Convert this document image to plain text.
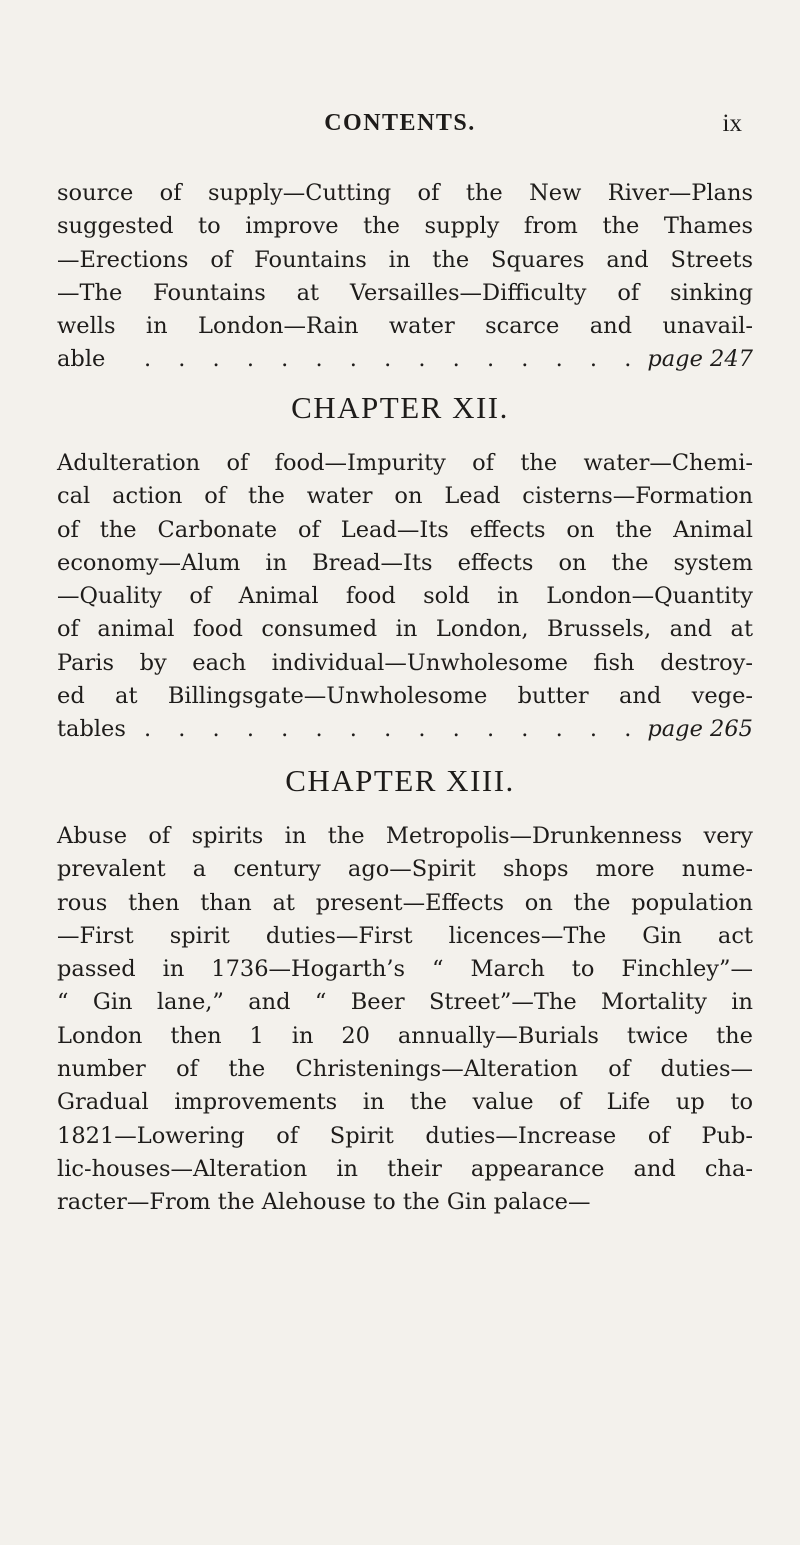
CONTENTS.	ix
source of supply—Cutting of the New River—Plans
suggested to improve the supply from the Thames
—Erections of Fountains in the Squares and Streets
—The Fountains at Versailles—Difficulty of sinking
wells in London—Rain water scarce and unavail-
able	. . . . . . . . . . . . . . . page 247
CHAPTER XII.
Adulteration of food—Impurity of the water—Chemi-
cal action of the water on Lead cisterns—Formation
of the Carbonate of Lead—Its effects on the Animal
economy—Alum in Bread—Its effects on the system
—Quality of Animal food sold in London—Quantity
of animal food consumed in London, Brussels, and at
Paris by each individual—Unwholesome fish destroy-
ed at Billingsgate—Unwholesome butter and vege-
tables . . . . . . . . . . . . . . . page 265
CHAPTER XIII.
Abuse of spirits in the Metropolis—Drunkenness very
prevalent a century ago—Spirit shops more nume-
rous then than at present—Effects on the population
—First spirit duties—First licences—The Gin act
passed in 1736—Hogarth’s “ March to Finchley”—
“ Gin lane,” and “ Beer Street”—The Mortality in
London then 1 in 20 annually—Burials twice the
number of the Christenings—Alteration of duties—
Gradual improvements in the value of Life up to
1821—Lowering of Spirit duties—Increase of Pub-
lic-houses—Alteration in their appearance and cha-
racter—From the Alehouse to the Gin palace—
